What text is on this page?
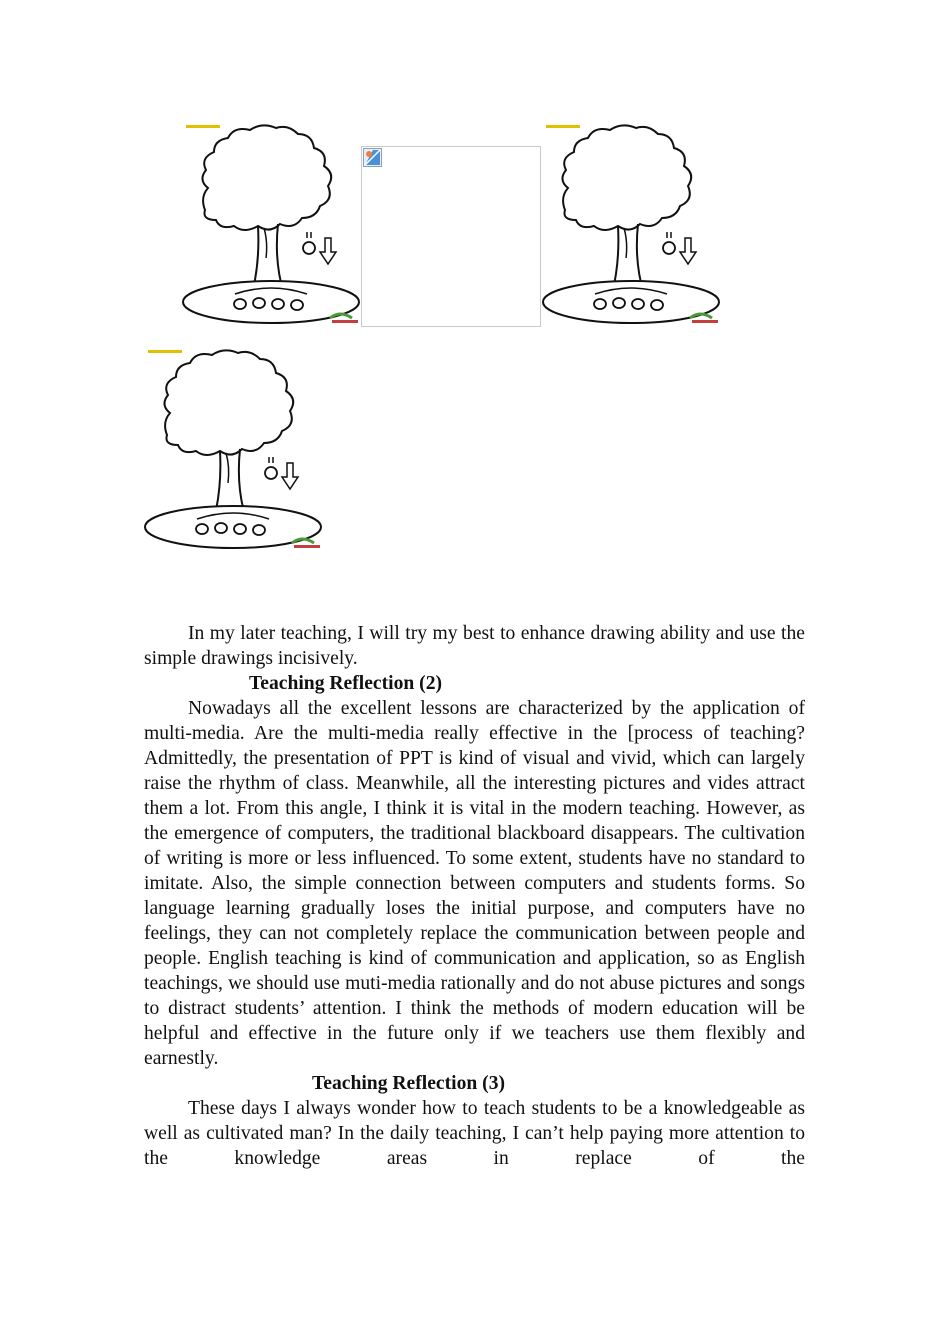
In my later teaching, I will try my best to enhance drawing ability and use the simple drawings incisively.

Teaching Reflection (2)

Nowadays all the excellent lessons are characterized by the application of multi-media. Are the multi-media really effective in the [process of teaching? Admittedly, the presentation of PPT is kind of visual and vivid, which can largely raise the rhythm of class. Meanwhile, all the interesting pictures and vides attract them a lot. From this angle, I think it is vital in the modern teaching. However, as the emergence of computers, the traditional blackboard disappears. The cultivation of writing is more or less influenced. To some extent, students have no standard to imitate. Also, the simple connection between computers and students forms. So language learning gradually loses the initial purpose, and computers have no feelings, they can not completely replace the communication between people and people. English teaching is kind of communication and application, so as English teachings, we should use muti-media rationally and do not abuse pictures and songs to distract students’ attention. I think the methods of modern education will be helpful and effective in the future only if we teachers use them flexibly and earnestly.

Teaching Reflection (3)

These days I always wonder how to teach students to be a knowledgeable as well as cultivated man? In the daily teaching, I can’t help paying more attention to the knowledge areas in replace of the
